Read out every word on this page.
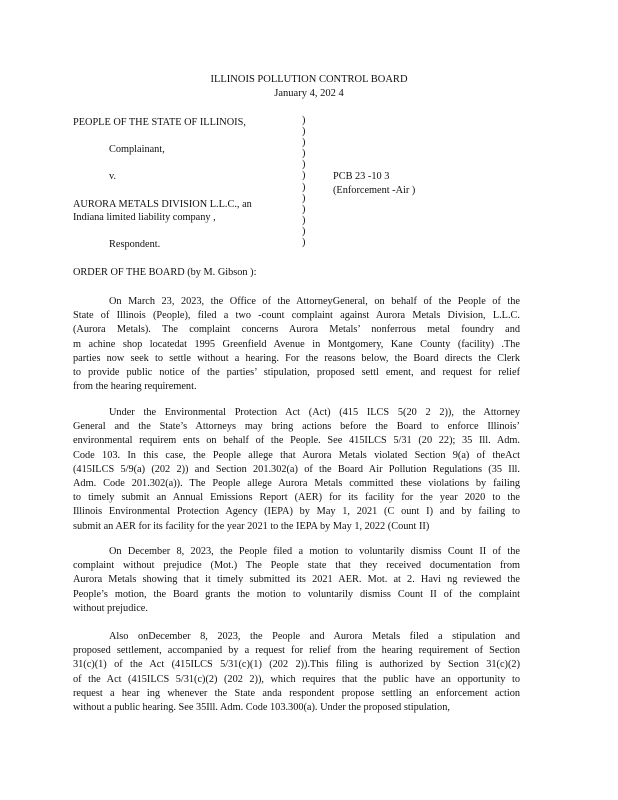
ILLINOIS POLLUTION CONTROL BOARD
January 4, 202 4
PEOPLE OF THE STATE OF ILLINOIS,
Complainant,
v.
AURORA METALS DIVISION L.L.C., an
Indiana limited liability company ,
Respondent.
PCB 23 -10 3
(Enforcement -Air )
)
)
)
)
)
)
)
)
)
)
)
)
ORDER OF THE BOARD (by M. Gibson ):
On March 23, 2023, the Office of the AttorneyGeneral, on behalf of the People of the
State of Illinois (People), filed a two -count complaint against Aurora Metals Division, L.L.C.
(Aurora Metals). The complaint concerns Aurora Metals’ nonferrous metal foundry and
m achine shop locatedat 1995 Greenfield Avenue in Montgomery, Kane County (facility) .The
parties now seek to settle without a hearing. For the reasons below, the Board directs the Clerk
to provide public notice of the parties’ stipulation, proposed settl ement, and request for relief
from the hearing requirement.
Under the Environmental Protection Act (Act) (415 ILCS 5(20 2 2)), the Attorney
General and the State’s Attorneys may bring actions before the Board to enforce Illinois’
environmental requirem ents on behalf of the People. See 415ILCS 5/31 (20 22); 35 Ill. Adm.
Code 103. In this case, the People allege that Aurora Metals violated Section 9(a) of theAct
(415ILCS 5/9(a) (202 2)) and Section 201.302(a) of the Board Air Pollution Regulations (35 Ill.
Adm. Code 201.302(a)). The People allege Aurora Metals committed these violations by failing
to timely submit an Annual Emissions Report (AER) for its facility for the year 2020 to the
Illinois Environmental Protection Agency (IEPA) by May 1, 2021 (C ount I) and by failing to
submit an AER for its facility for the year 2021 to the IEPA by May 1, 2022 (Count II)
On December 8, 2023, the People filed a motion to voluntarily dismiss Count II of the
complaint without prejudice (Mot.) The People state that they received documentation from
Aurora Metals showing that it timely submitted its 2021 AER. Mot. at 2. Havi ng reviewed the
People’s motion, the Board grants the motion to voluntarily dismiss Count II of the complaint
without prejudice.
Also onDecember 8, 2023, the People and Aurora Metals filed a stipulation and
proposed settlement, accompanied by a request for relief from the hearing requirement of Section
31(c)(1) of the Act (415ILCS 5/31(c)(1) (202 2)).This filing is authorized by Section 31(c)(2)
of the Act (415ILCS 5/31(c)(2) (202 2)), which requires that the public have an opportunity to
request a hear ing whenever the State anda respondent propose settling an enforcement action
without a public hearing. See 35Ill. Adm. Code 103.300(a). Under the proposed stipulation,
